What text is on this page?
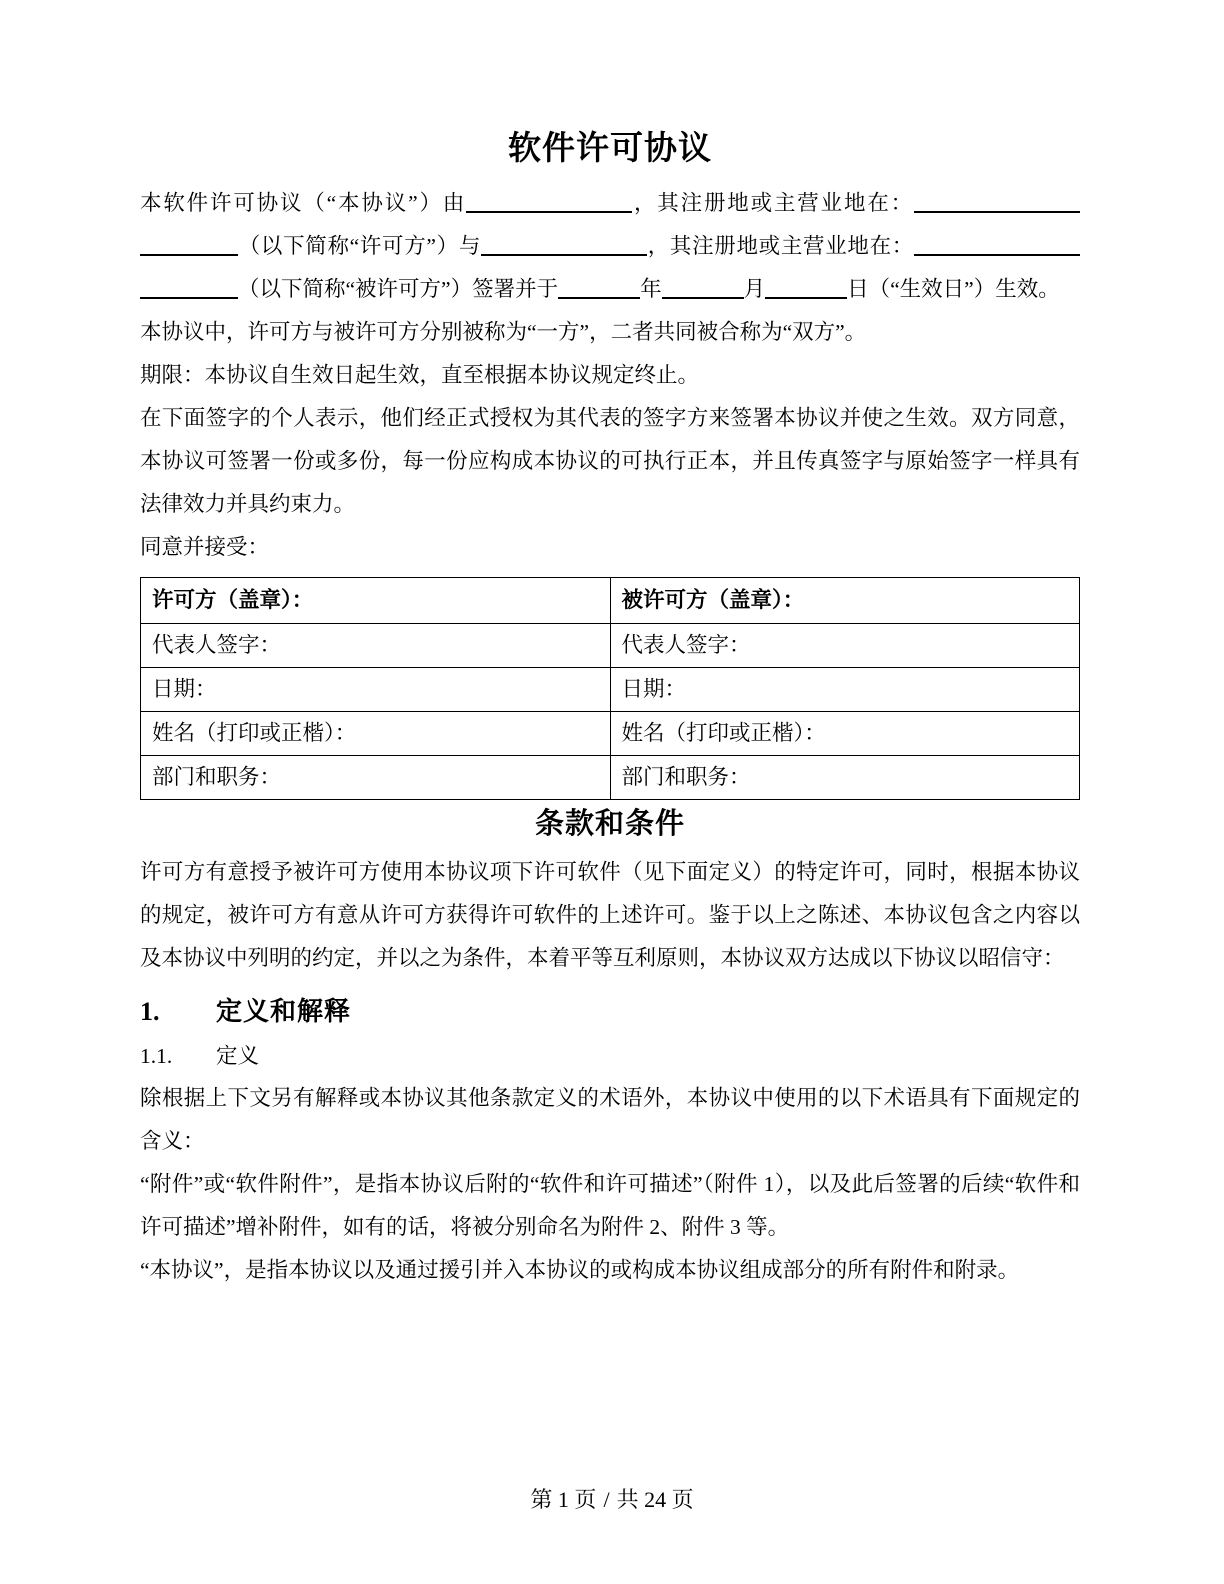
软件许可协议

本软件许可协议（“本协议”）由	，其注册地或主营业地在：（以下简称“许可方”）与	，其注册地或主营业地在：（以下简称“被许可方”）签署并于	年	月	日（“生效日”）生效。

本协议中，许可方与被许可方分别被称为“一方”，二者共同被合称为“双方”。

期限：本协议自生效日起生效，直至根据本协议规定终止。

在下面签字的个人表示，他们经正式授权为其代表的签字方来签署本协议并使之生效。双方同意，本协议可签署一份或多份，每一份应构成本协议的可执行正本，并且传真签字与原始签字一样具有法律效力并具约束力。

同意并接受：

许可方（盖章）：	被许可方（盖章）：
代表人签字：	代表人签字：
日期：	日期：
姓名（打印或正楷）：	姓名（打印或正楷）：
部门和职务：	部门和职务：
条款和条件

许可方有意授予被许可方使用本协议项下许可软件（见下面定义）的特定许可，同时，根据本协议的规定，被许可方有意从许可方获得许可软件的上述许可。鉴于以上之陈述、本协议包含之内容以及本协议中列明的约定，并以之为条件，本着平等互利原则，本协议双方达成以下协议以昭信守：

1.	定义和解释
1.1.	定义

除根据上下文另有解释或本协议其他条款定义的术语外，本协议中使用的以下术语具有下面规定的含义：

“附件”或“软件附件”，是指本协议后附的“软件和许可描述”（附件 1），以及此后签署的后续“软件和许可描述”增补附件，如有的话，将被分别命名为附件 2、附件 3 等。

“本协议”，是指本协议以及通过援引并入本协议的或构成本协议组成部分的所有附件和附录。

第 1 页 / 共 24 页
